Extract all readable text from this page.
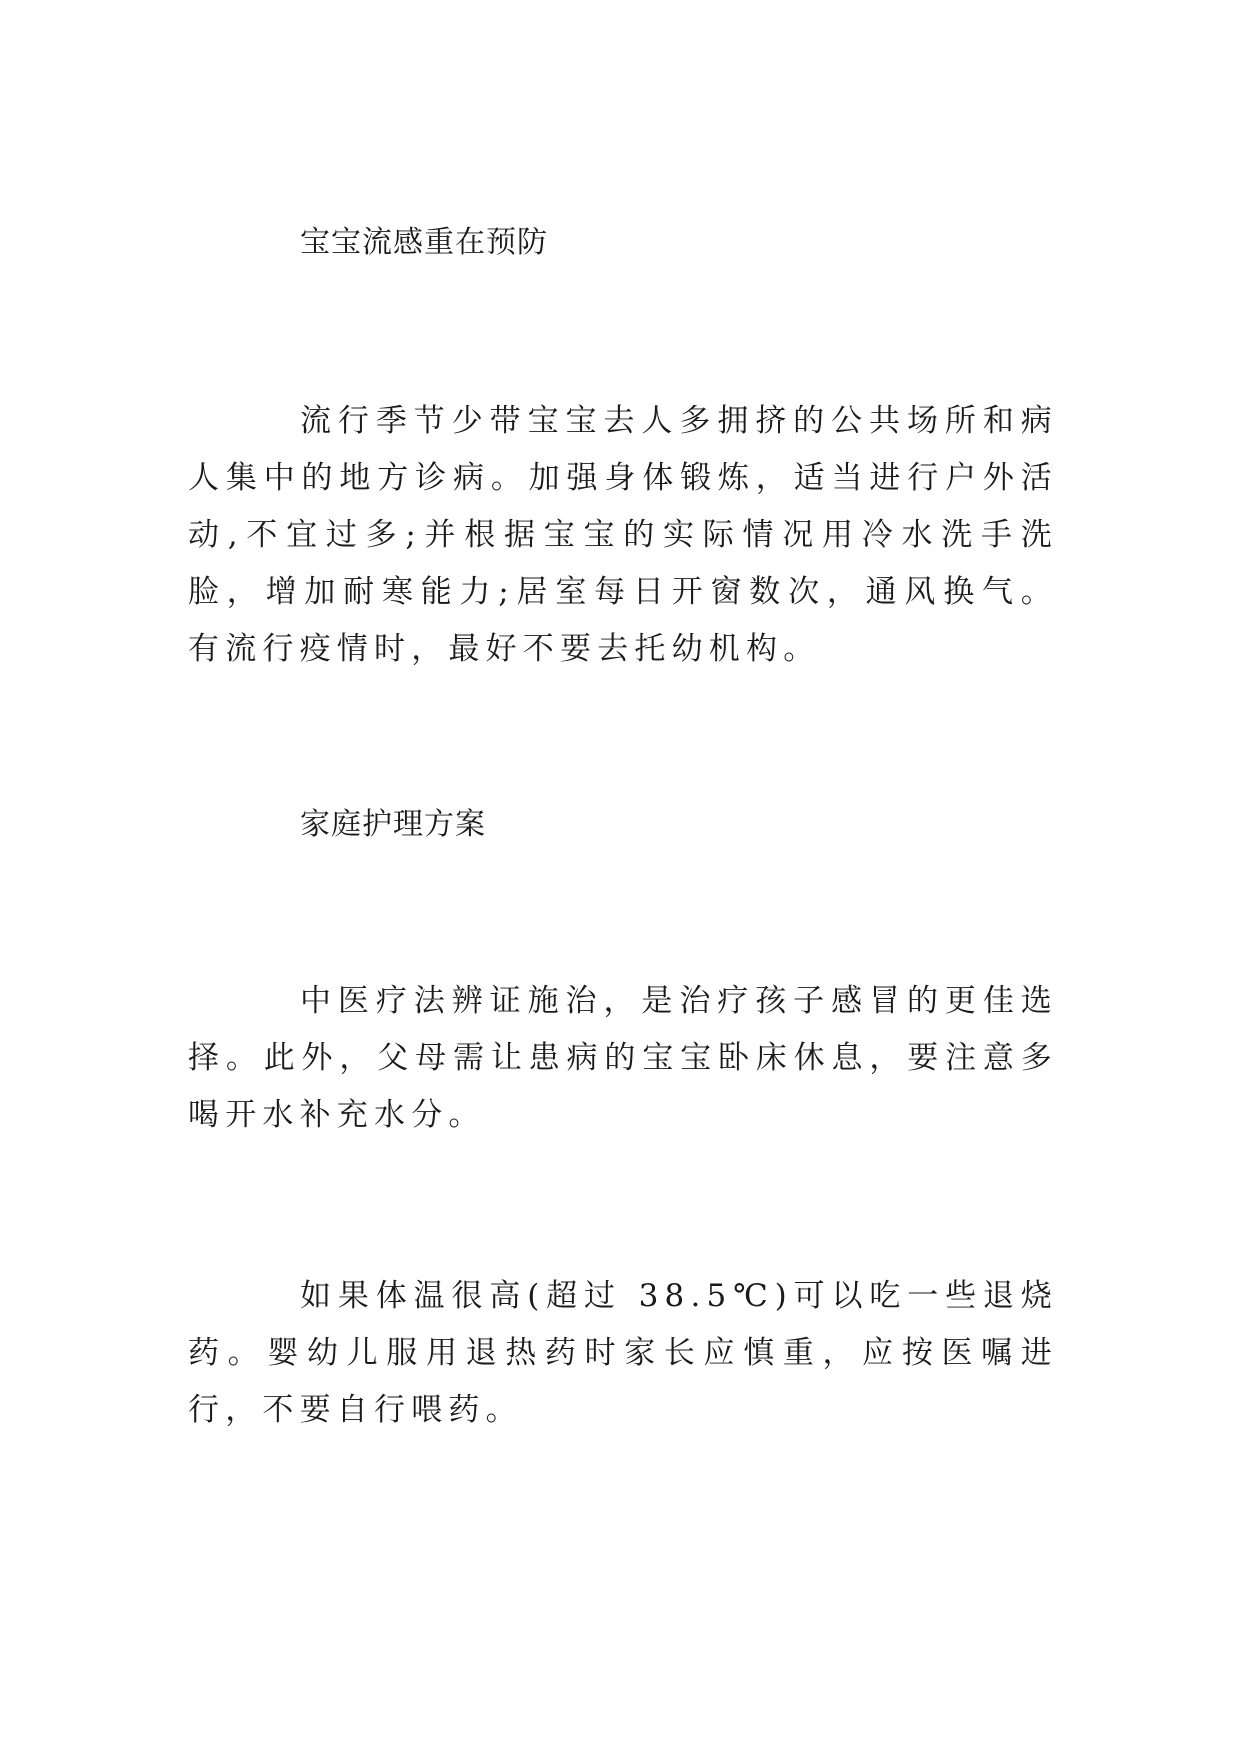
宝宝流感重在预防

流行季节少带宝宝去人多拥挤的公共场所和病人集中的地方诊病。加强身体锻炼，适当进行户外活动,不宜过多;并根据宝宝的实际情况用冷水洗手洗脸，增加耐寒能力;居室每日开窗数次，通风换气。有流行疫情时，最好不要去托幼机构。

家庭护理方案

中医疗法辨证施治，是治疗孩子感冒的更佳选择。此外，父母需让患病的宝宝卧床休息，要注意多喝开水补充水分。

如果体温很高(超过 38.5℃)可以吃一些退烧药。婴幼儿服用退热药时家长应慎重，应按医嘱进行，不要自行喂药。
